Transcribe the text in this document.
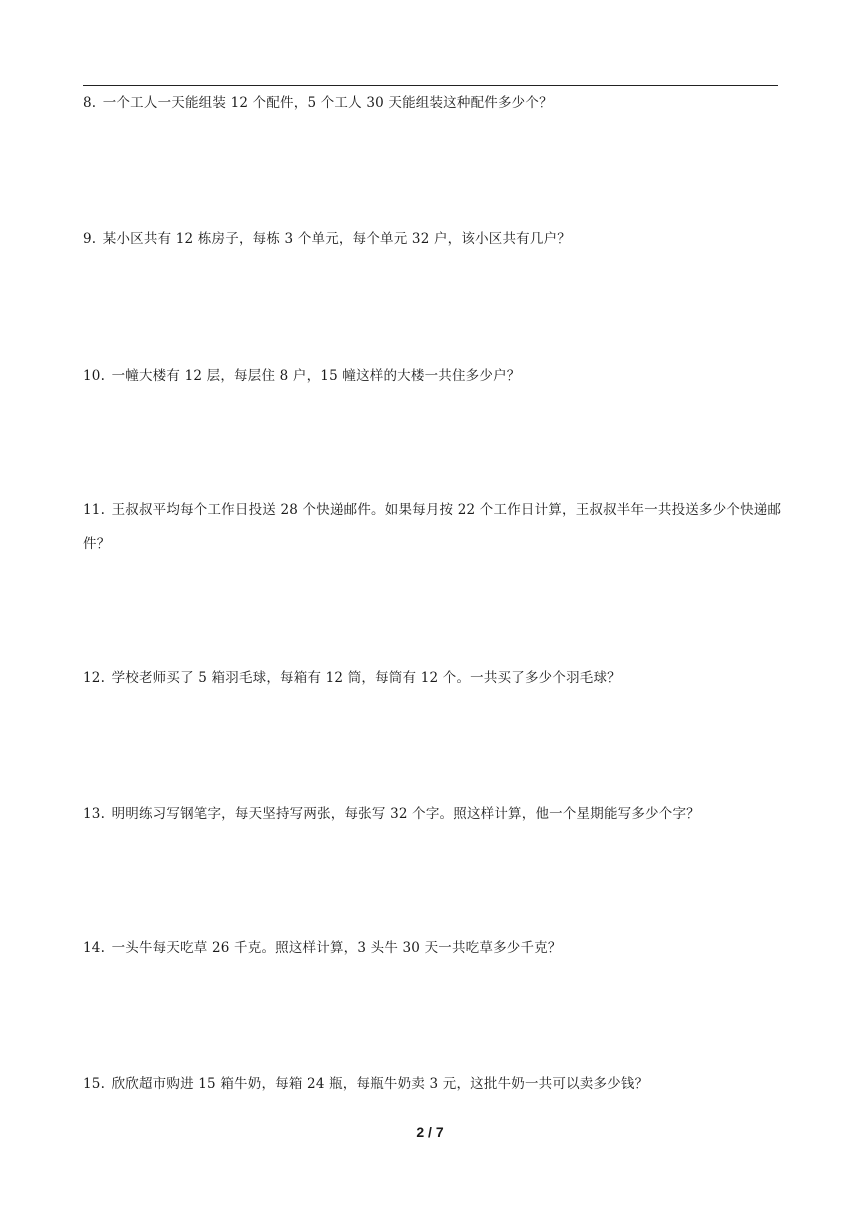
8. 一个工人一天能组装 12 个配件，5 个工人 30 天能组装这种配件多少个？
9. 某小区共有 12 栋房子，每栋 3 个单元，每个单元 32 户，该小区共有几户？
10. 一幢大楼有 12 层，每层住 8 户，15 幢这样的大楼一共住多少户？
11. 王叔叔平均每个工作日投送 28 个快递邮件。如果每月按 22 个工作日计算，王叔叔半年一共投送多少个快递邮件？
12. 学校老师买了 5 箱羽毛球，每箱有 12 筒，每筒有 12 个。一共买了多少个羽毛球？
13. 明明练习写钢笔字，每天坚持写两张，每张写 32 个字。照这样计算，他一个星期能写多少个字？
14. 一头牛每天吃草 26 千克。照这样计算，3 头牛 30 天一共吃草多少千克？
15. 欣欣超市购进 15 箱牛奶，每箱 24 瓶，每瓶牛奶卖 3 元，这批牛奶一共可以卖多少钱？
2 / 7
